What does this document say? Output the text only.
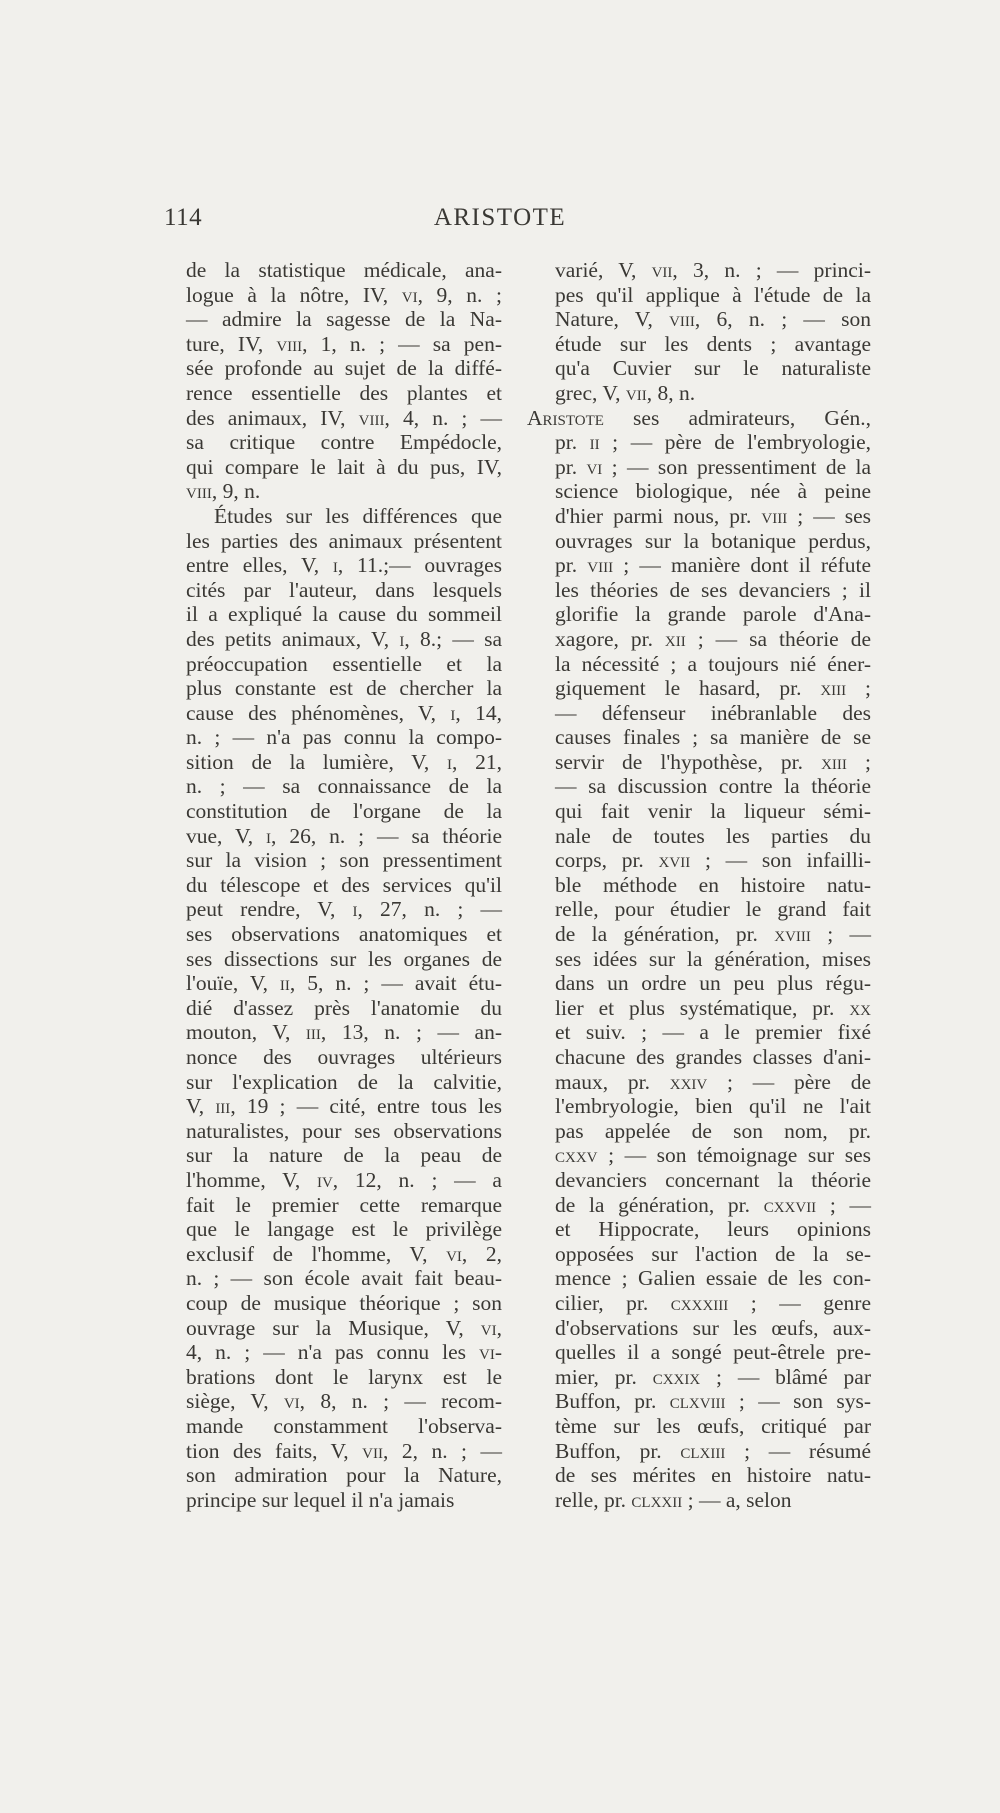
114	ARISTOTE
de la statistique médicale, ana-
logue à la nôtre, IV, vi, 9, n. ;
— admire la sagesse de la Na-
ture, IV, viii, 1, n. ; — sa pen-
sée profonde au sujet de la diffé-
rence essentielle des plantes et
des animaux, IV, viii, 4, n. ; —
sa critique contre Empédocle,
qui compare le lait à du pus, IV,
viii, 9, n.
Études sur les différences que
les parties des animaux présentent
entre elles, V, i, 11.;— ouvrages
cités par l'auteur, dans lesquels
il a expliqué la cause du sommeil
des petits animaux, V, i, 8.; — sa
préoccupation essentielle et la
plus constante est de chercher la
cause des phénomènes, V, i, 14,
n. ; — n'a pas connu la compo-
sition de la lumière, V, i, 21,
n. ; — sa connaissance de la
constitution de l'organe de la
vue, V, i, 26, n. ; — sa théorie
sur la vision ; son pressentiment
du télescope et des services qu'il
peut rendre, V, i, 27, n. ; —
ses observations anatomiques et
ses dissections sur les organes de
l'ouïe, V, ii, 5, n. ; — avait étu-
dié d'assez près l'anatomie du
mouton, V, iii, 13, n. ; — an-
nonce des ouvrages ultérieurs
sur l'explication de la calvitie,
V, iii, 19 ; — cité, entre tous les
naturalistes, pour ses observations
sur la nature de la peau de
l'homme, V, iv, 12, n. ; — a
fait le premier cette remarque
que le langage est le privilège
exclusif de l'homme, V, vi, 2,
n. ; — son école avait fait beau-
coup de musique théorique ; son
ouvrage sur la Musique, V, vi,
4, n. ; — n'a pas connu les vi-
brations dont le larynx est le
siège, V, vi, 8, n. ; — recom-
mande constamment l'observa-
tion des faits, V, vii, 2, n. ; —
son admiration pour la Nature,
principe sur lequel il n'a jamais
varié, V, vii, 3, n. ; — princi-
pes qu'il applique à l'étude de la
Nature, V, viii, 6, n. ; — son
étude sur les dents ; avantage
qu'a Cuvier sur le naturaliste
grec, V, vii, 8, n.
Aristote ses admirateurs, Gén.,
pr. ii ; — père de l'embryologie,
pr. vi ; — son pressentiment de la
science biologique, née à peine
d'hier parmi nous, pr. viii ; — ses
ouvrages sur la botanique perdus,
pr. viii ; — manière dont il réfute
les théories de ses devanciers ; il
glorifie la grande parole d'Ana-
xagore, pr. xii ; — sa théorie de
la nécessité ; a toujours nié éner-
giquement le hasard, pr. xiii ;
— défenseur inébranlable des
causes finales ; sa manière de se
servir de l'hypothèse, pr. xiii ;
— sa discussion contre la théorie
qui fait venir la liqueur sémi-
nale de toutes les parties du
corps, pr. xvii ; — son infailli-
ble méthode en histoire natu-
relle, pour étudier le grand fait
de la génération, pr. xviii ; —
ses idées sur la génération, mises
dans un ordre un peu plus régu-
lier et plus systématique, pr. xx
et suiv. ; — a le premier fixé
chacune des grandes classes d'ani-
maux, pr. xxiv ; — père de
l'embryologie, bien qu'il ne l'ait
pas appelée de son nom, pr.
cxxv ; — son témoignage sur ses
devanciers concernant la théorie
de la génération, pr. cxxvii ; —
et Hippocrate, leurs opinions
opposées sur l'action de la se-
mence ; Galien essaie de les con-
cilier, pr. cxxxiii ; — genre
d'observations sur les œufs, aux-
quelles il a songé peut-êtrele pre-
mier, pr. cxxix ; — blâmé par
Buffon, pr. clxviii ; — son sys-
tème sur les œufs, critiqué par
Buffon, pr. clxiii ; — résumé
de ses mérites en histoire natu-
relle, pr. clxxii ; — a, selon
